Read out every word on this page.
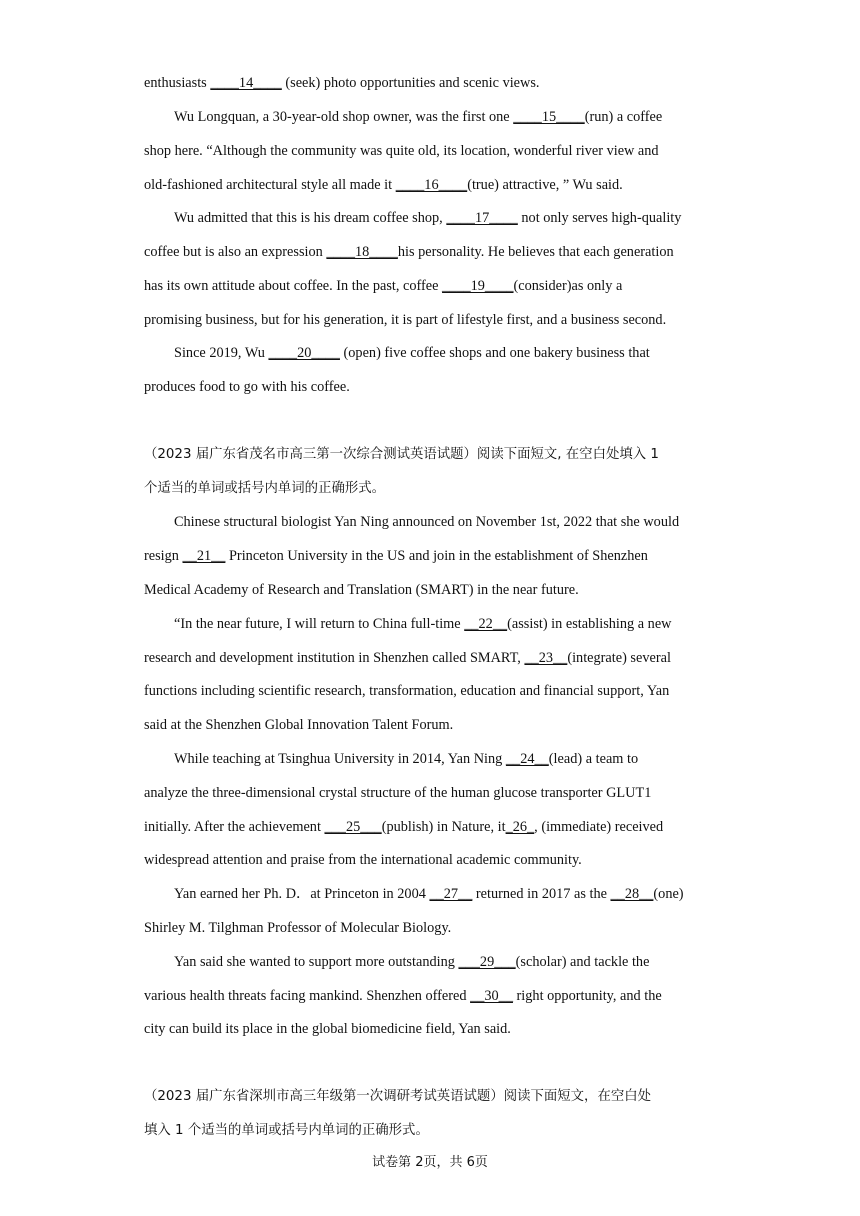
enthusiasts ____14____ (seek) photo opportunities and scenic views.
Wu Longquan, a 30-year-old shop owner, was the first one ____15____(run) a coffee
shop here. “Although the community was quite old, its location, wonderful river view and
old-fashioned architectural style all made it ____16____(true) attractive, ” Wu said.
Wu admitted that this is his dream coffee shop, ____17____ not only serves high-quality
coffee but is also an expression ____18____his personality. He believes that each generation
has its own attitude about coffee. In the past, coffee ____19____(consider)as only a
promising business, but for his generation, it is part of lifestyle first, and a business second.
Since 2019, Wu ____20____ (open) five coffee shops and one bakery business that
produces food to go with his coffee.
（2023 届广东省茂名市高三第一次综合测试英语试题）阅读下面短文, 在空白处填入 1
个适当的单词或括号内单词的正确形式。
Chinese structural biologist Yan Ning announced on November 1st, 2022 that she would
resign __21__ Princeton University in the US and join in the establishment of Shenzhen
Medical Academy of Research and Translation (SMART) in the near future.
“In the near future, I will return to China full-time __22__(assist) in establishing a new
research and development institution in Shenzhen called SMART, __23__(integrate) several
functions including scientific research, transformation, education and financial support, Yan
said at the Shenzhen Global Innovation Talent Forum.
While teaching at Tsinghua University in 2014, Yan Ning __24__(lead) a team to
analyze the three-dimensional crystal structure of the human glucose transporter GLUT1
initially. After the achievement ___25___(publish) in Nature, it_26_, (immediate) received
widespread attention and praise from the international academic community.
Yan earned her Ph. D．at Princeton in 2004 __27__ returned in 2017 as the __28__(one)
Shirley M. Tilghman Professor of Molecular Biology.
Yan said she wanted to support more outstanding ___29___(scholar) and tackle the
various health threats facing mankind. Shenzhen offered __30__ right opportunity, and the
city can build its place in the global biomedicine field, Yan said.
（2023 届广东省深圳市高三年级第一次调研考试英语试题）阅读下面短文，在空白处
填入 1 个适当的单词或括号内单词的正确形式。
试卷第 2页，共 6页
